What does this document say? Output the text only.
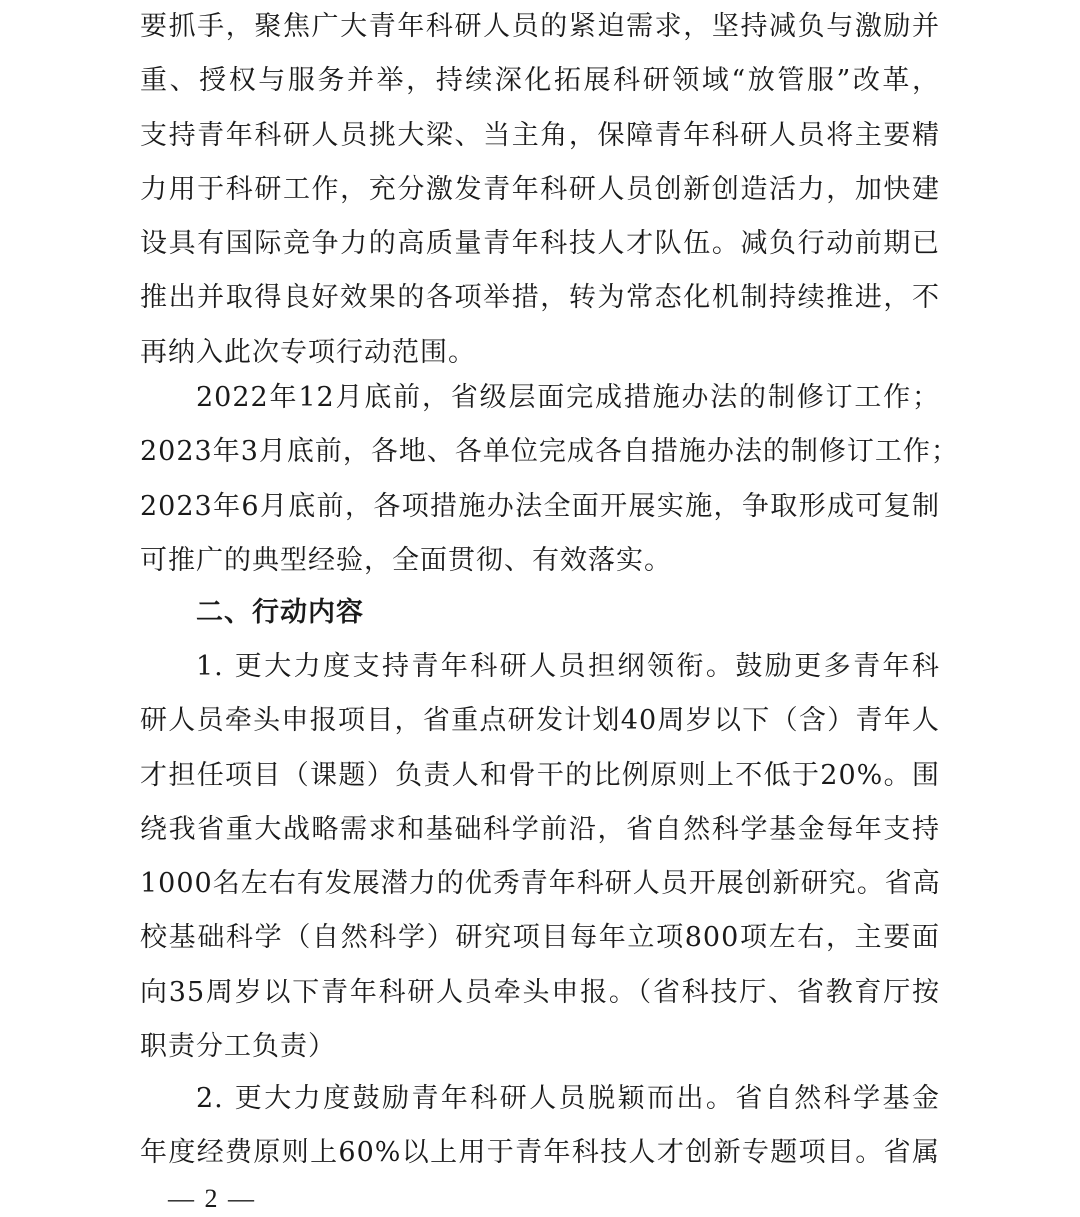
要抓手，聚焦广大青年科研人员的紧迫需求，坚持减负与激励并
重、授权与服务并举，持续深化拓展科研领域“放管服”改革，
支持青年科研人员挑大梁、当主角，保障青年科研人员将主要精
力用于科研工作，充分激发青年科研人员创新创造活力，加快建
设具有国际竞争力的高质量青年科技人才队伍。减负行动前期已
推出并取得良好效果的各项举措，转为常态化机制持续推进，不
再纳入此次专项行动范围。
2022年12月底前，省级层面完成措施办法的制修订工作；
2023年3月底前，各地、各单位完成各自措施办法的制修订工作；
2023年6月底前，各项措施办法全面开展实施，争取形成可复制
可推广的典型经验，全面贯彻、有效落实。
二、行动内容
1. 更大力度支持青年科研人员担纲领衔。鼓励更多青年科
研人员牵头申报项目，省重点研发计划40周岁以下（含）青年人
才担任项目（课题）负责人和骨干的比例原则上不低于20%。围
绕我省重大战略需求和基础科学前沿，省自然科学基金每年支持
1000名左右有发展潜力的优秀青年科研人员开展创新研究。省高
校基础科学（自然科学）研究项目每年立项800项左右，主要面
向35周岁以下青年科研人员牵头申报。（省科技厅、省教育厅按
职责分工负责）
2. 更大力度鼓励青年科研人员脱颖而出。省自然科学基金
年度经费原则上60%以上用于青年科技人才创新专题项目。省属
— 2 —
